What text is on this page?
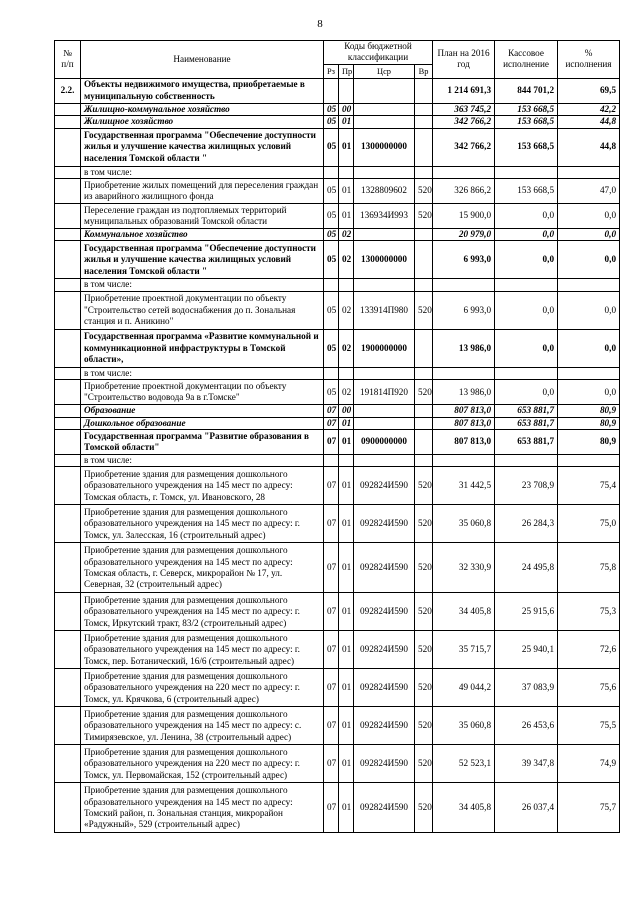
8
№
п/п	Наименование	Коды бюджетной классификации				План на 2016 год	Кассовое исполнение	% исполнения
		Рз	Пр	Цср	Вр			
2.2.	Объекты недвижимого имущества, приобретаемые в муниципальную собственность					1 214 691,3	844 701,2	69,5
	Жилищно-коммунальное хозяйство	05	00			363 745,2	153 668,5	42,2
	Жилищное хозяйство	05	01			342 766,2	153 668,5	44,8
	Государственная программа "Обеспечение доступности жилья и улучшение качества жилищных условий населения Томской области "	05	01	1300000000		342 766,2	153 668,5	44,8
	в том числе:							
	Приобретение жилых помещений для переселения граждан из аварийного жилищного фонда	05	01	1328809602	520	326 866,2	153 668,5	47,0
	Переселение граждан из подтопляемых территорий муниципальных образований Томской области	05	01	136934И993	520	15 900,0	0,0	0,0
	Коммунальное хозяйство	05	02			20 979,0	0,0	0,0
	Государственная программа "Обеспечение доступности жилья и улучшение качества жилищных условий населения Томской области "	05	02	1300000000		6 993,0	0,0	0,0
	в том числе:							
	Приобретение проектной документации по объекту "Строительство сетей водоснабжения до п. Зональная станция и п. Аникино"	05	02	133914П980	520	6 993,0	0,0	0,0
	Государственная программа «Развитие коммунальной и коммуникационной инфраструктуры в Томской области»,	05	02	1900000000		13 986,0	0,0	0,0
	в том числе:							
	Приобретение проектной документации по объекту "Строительство водовода 9а в г.Томске"	05	02	191814П920	520	13 986,0	0,0	0,0
	Образование	07	00			807 813,0	653 881,7	80,9
	Дошкольное образование	07	01			807 813,0	653 881,7	80,9
	Государственная программа "Развитие образования в Томской области"	07	01	0900000000		807 813,0	653 881,7	80,9
	в том числе:							
	Приобретение здания для размещения дошкольного образовательного учреждения на 145 мест по адресу: Томская область, г. Томск, ул. Ивановского, 28	07	01	092824И590	520	31 442,5	23 708,9	75,4
	Приобретение здания для размещения дошкольного образовательного учреждения на 145 мест по адресу: г. Томск, ул. Залесская, 16 (строительный адрес)	07	01	092824И590	520	35 060,8	26 284,3	75,0
	Приобретение здания для размещения дошкольного образовательного учреждения на 145 мест по адресу: Томская область, г. Северск, микрорайон № 17, ул. Северная, 32 (строительный адрес)	07	01	092824И590	520	32 330,9	24 495,8	75,8
	Приобретение здания для размещения дошкольного образовательного учреждения на 145 мест по адресу: г. Томск, Иркутский тракт, 83/2 (строительный адрес)	07	01	092824И590	520	34 405,8	25 915,6	75,3
	Приобретение здания для размещения дошкольного образовательного учреждения на 145 мест по адресу: г. Томск, пер. Ботанический, 16/6 (строительный адрес)	07	01	092824И590	520	35 715,7	25 940,1	72,6
	Приобретение здания для размещения дошкольного образовательного учреждения на 220 мест по адресу: г. Томск, ул. Крячкова, 6 (строительный адрес)	07	01	092824И590	520	49 044,2	37 083,9	75,6
	Приобретение здания для размещения дошкольного образовательного учреждения на 145 мест по адресу: с. Тимирязевское, ул. Ленина, 38 (строительный адрес)	07	01	092824И590	520	35 060,8	26 453,6	75,5
	Приобретение здания для размещения дошкольного образовательного учреждения на 220 мест по адресу: г. Томск, ул. Первомайская, 152 (строительный адрес)	07	01	092824И590	520	52 523,1	39 347,8	74,9
	Приобретение здания для размещения дошкольного образовательного учреждения на 145 мест по адресу: Томский район, п. Зональная станция, микрорайон «Радужный», 529 (строительный адрес)	07	01	092824И590	520	34 405,8	26 037,4	75,7
